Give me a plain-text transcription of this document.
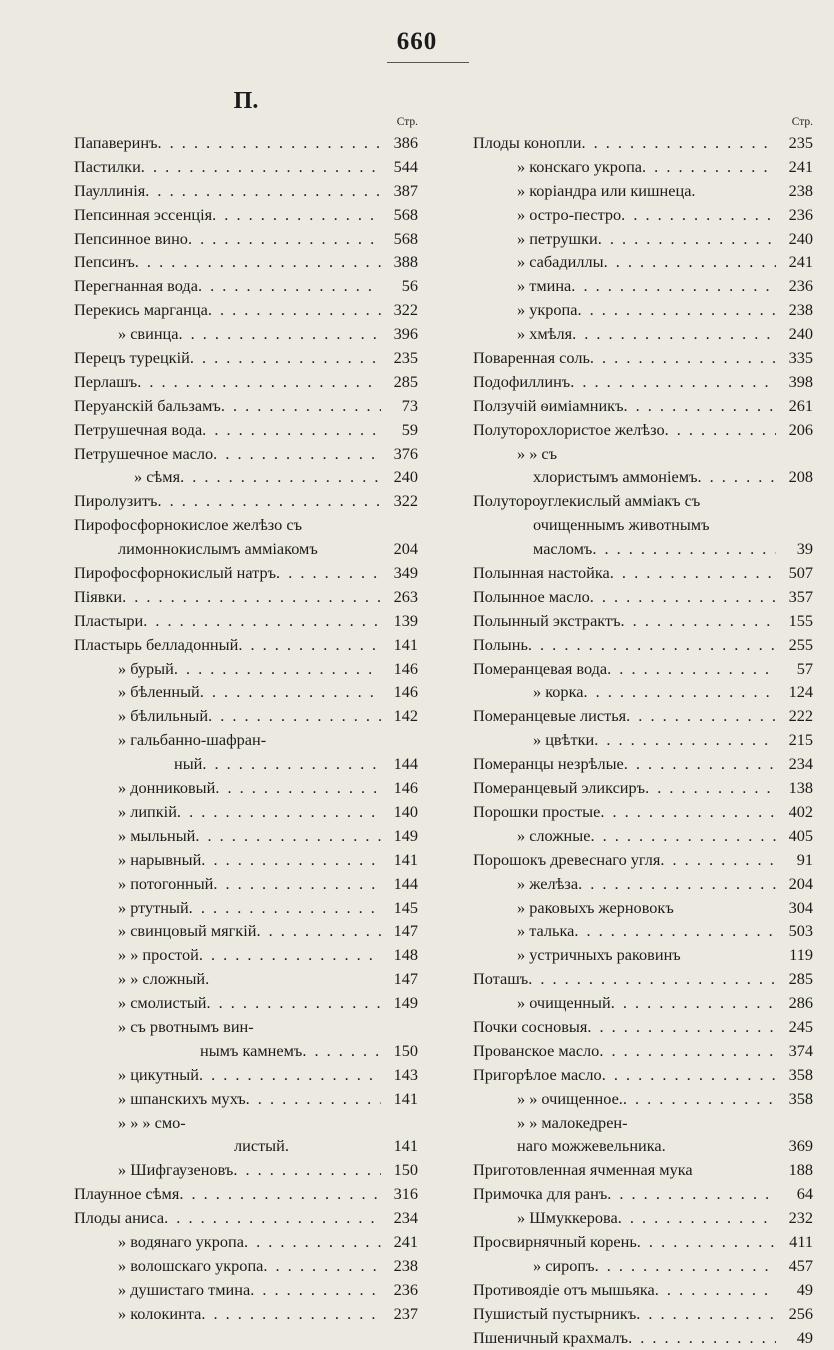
660
П.
Стр.
Папаверинъ . . .	386
Пастилки . . .	544
Пауллинія . . .	387
Пепсинная эссенція . . .	568
Пепсинное вино . . .	568
Пепсинъ . . .	388
Перегнанная вода . . .	56
Перекись марганца . . .	322
» свинца . . .	396
Перецъ турецкій . . .	235
Перлашъ . . .	285
Перуанскій бальзамъ . . .	73
Петрушечная вода . . .	59
Петрушечное масло . . .	376
» сѣмя . . .	240
Пиролузитъ . . .	322
Пирофосфорнокислое желѣзо съ
лимоннокислымъ аммiакомъ	204
Пирофосфорнокислый натръ . . .	349
Піявки . . .	263
Пластыри . . .	139
Пластырь белладонный . . .	141
» бурый . . .	146
» бѣленный . . .	146
» бѣлильный . . .	142
» гальбанно-шафран-
ный . . .	144
» донниковый . . .	146
» липкій . . .	140
» мыльный . . .	149
» нарывный . . .	141
» потогонный . . .	144
» ртутный . . .	145
» свинцовый мягкій . . .	147
» » простой . . .	148
» » сложный.	147
» смолистый . . .	149
» съ рвотнымъ вин-
нымъ камнемъ . . .	150
» цикутный . . .	143
» шпанскихъ мухъ . . .	141
» » » смо-
листый.	141
» Шифгаузеновъ . . .	150
Плаунное сѣмя . . .	316
Плоды аниса . . .	234
» водянаго укропа . . .	241
» волошскаго укропа . . .	238
» душистаго тмина . . .	236
» колокинта . . .	237
Стр.
Плоды конопли . . .	235
» конскаго укропа . . .	241
» коріандра или кишнеца.	238
» остро-пестро . . .	236
» петрушки . . .	240
» сабадиллы . . .	241
» тмина . . .	236
» укропа . . .	238
» хмѣля . . .	240
Поваренная соль . . .	335
Подофиллинъ . . .	398
Ползучій ѳиміамникъ . . .	261
Полуторохлористое желѣзо . . .	206
» » съ
хлористымъ аммоніемъ . . .	208
Полутороуглекислый аммiакъ съ
очищеннымъ животнымъ
масломъ . . .	39
Полынная настойка . . .	507
Полынное масло . . .	357
Полынный экстрактъ . . .	155
Полынь . . .	255
Померанцевая вода . . .	57
» корка . . .	124
Померанцевые листья . . .	222
» цвѣтки . . .	215
Померанцы незрѣлые . . .	234
Померанцевый эликсиръ . . .	138
Порошки простые . . .	402
» сложные . . .	405
Порошокъ древеснаго угля . . .	91
» желѣза . . .	204
» раковыхъ жерновокъ	304
» талька . . .	503
» устричныхъ раковинъ	119
Поташъ . . .	285
» очищенный . . .	286
Почки сосновыя . . .	245
Прованское масло . . .	374
Пригорѣлое масло . . .	358
» » очищенное. . . .	358
» » малокедрен-
наго можжевельника.	369
Приготовленная ячменная мука	188
Примочка для ранъ . . .	64
» Шмуккерова . . .	232
Просвирнячный корень . . .	411
» сиропъ . . .	457
Противоядіе отъ мышьяка . . .	49
Пушистый пустырникъ . . .	256
Пшеничный крахмалъ . . .	49
